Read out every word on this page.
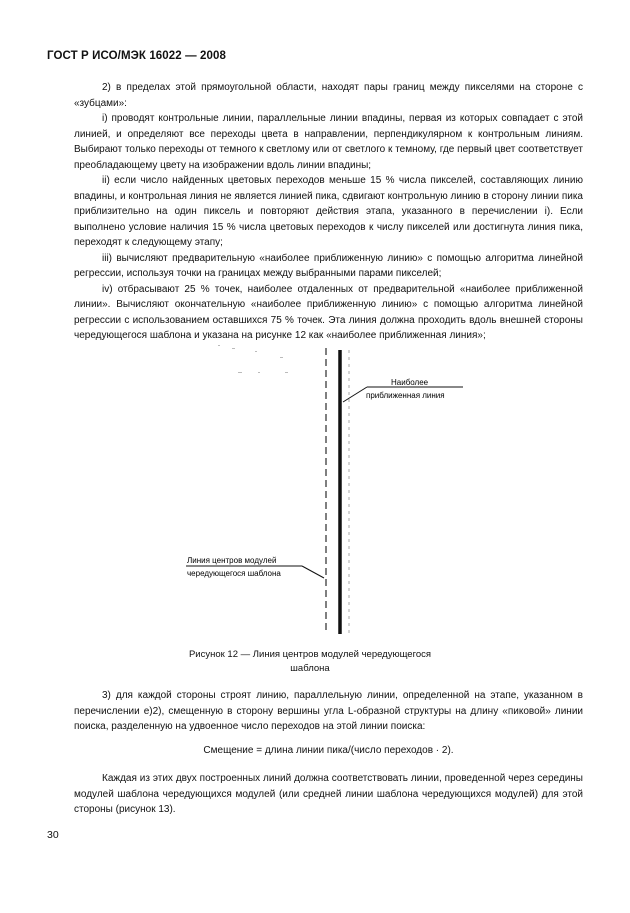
ГОСТ Р ИСО/МЭК 16022 — 2008

2) в пределах этой прямоугольной области, находят пары границ между пикселями на стороне с «зубцами»:

i) проводят контрольные линии, параллельные линии впадины, первая из которых совпадает с этой линией, и определяют все переходы цвета в направлении, перпендикулярном к контрольным линиям. Выбирают только переходы от темного к светлому или от светлого к темному, где первый цвет соответствует преобладающему цвету на изображении вдоль линии впадины;

ii) если число найденных цветовых переходов меньше 15 % числа пикселей, составляющих линию впадины, и контрольная линия не является линией пика, сдвигают контрольную линию в сторону линии пика приблизительно на один пиксель и повторяют действия этапа, указанного в перечислении i). Если выполнено условие наличия 15 % числа цветовых переходов к числу пикселей или достигнута линия пика, переходят к следующему этапу;

iii) вычисляют предварительную «наиболее приближенную линию» с помощью алгоритма линейной регрессии, используя точки на границах между выбранными парами пикселей;

iv) отбрасывают 25 % точек, наиболее отдаленных от предварительной «наиболее приближенной линии». Вычисляют окончательную «наиболее приближенную линию» с помощью алгоритма линейной регрессии с использованием оставшихся 75 % точек. Эта линия должна проходить вдоль внешней стороны чередующегося шаблона и указана на рисунке 12 как «наиболее приближенная линия»;

Наиболее
приближенная линия
Линия центров модулей
чередующегося шаблона
Рисунок 12 — Линия центров модулей чередующегося
шаблона

3) для каждой стороны строят линию, параллельную линии, определенной на этапе, указанном в перечислении e)2), смещенную в сторону вершины угла L-образной структуры на длину «пиковой» линии поиска, разделенную на удвоенное число переходов на этой линии поиска:

Смещение = длина линии пика/(число переходов · 2).

Каждая из этих двух построенных линий должна соответствовать линии, проведенной через середины модулей шаблона чередующихся модулей (или средней линии шаблона чередующихся модулей) для этой стороны (рисунок 13).

30
